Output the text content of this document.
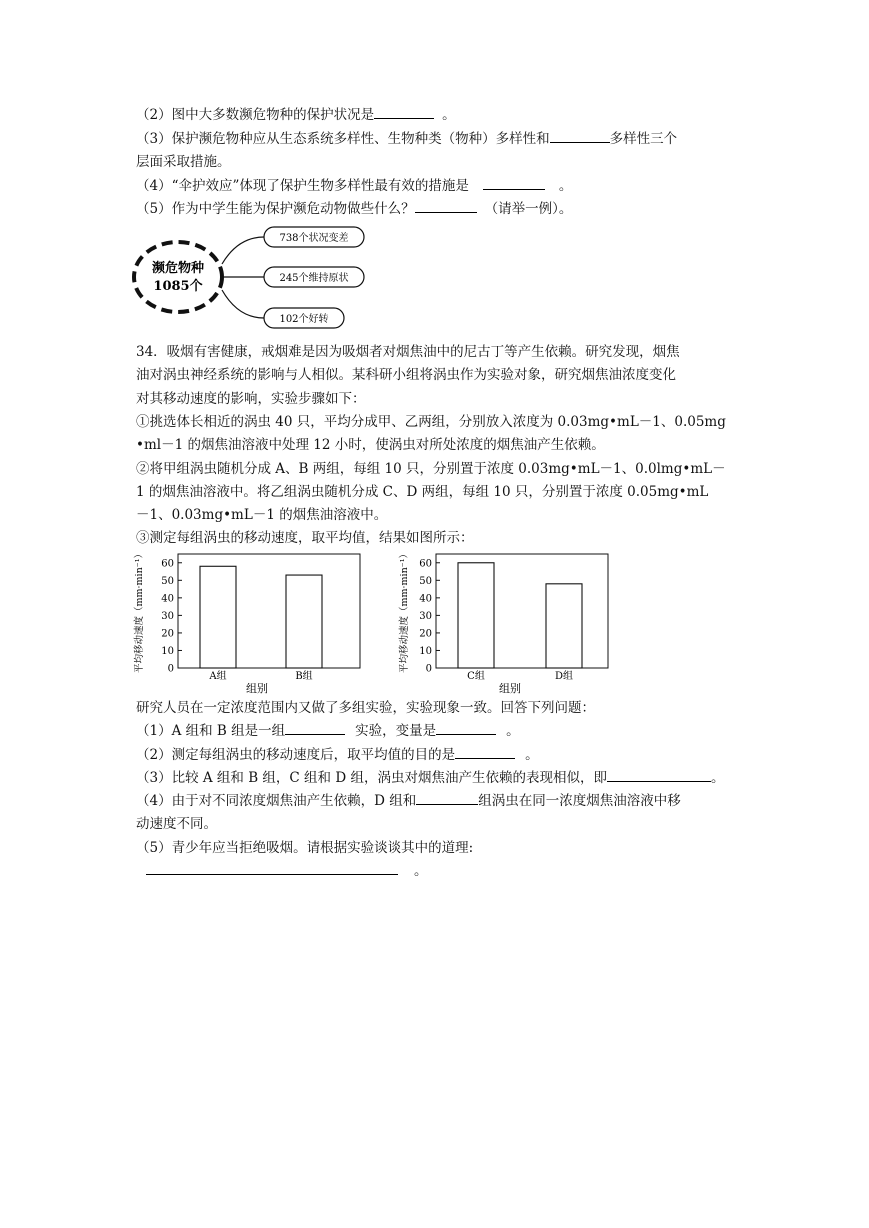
（2）图中大多数濒危物种的保护状况是	。
（3）保护濒危物种应从生态系统多样性、生物种类（物种）多样性和	多样性三个
层面采取措施。
（4）“伞护效应”体现了保护生物多样性最有效的措施是	。
（5）作为中学生能为保护濒危动物做些什么？	（请举一例）。
濒危物种
1085个
738个状况变差
245个维持原状
102个好转
34．吸烟有害健康，戒烟难是因为吸烟者对烟焦油中的尼古丁等产生依赖。研究发现，烟焦
油对涡虫神经系统的影响与人相似。某科研小组将涡虫作为实验对象，研究烟焦油浓度变化
对其移动速度的影响，实验步骤如下：
①挑选体长相近的涡虫 40 只，平均分成甲、乙两组，分别放入浓度为 0.03mg•mL－1、0.05mg
•ml－1 的烟焦油溶液中处理 12 小时，使涡虫对所处浓度的烟焦油产生依赖。
②将甲组涡虫随机分成 A、B 两组，每组 10 只，分别置于浓度 0.03mg•mL－1、0.0lmg•mL－
1 的烟焦油溶液中。将乙组涡虫随机分成 C、D 两组，每组 10 只，分别置于浓度 0.05mg•mL
－1、0.03mg•mL－1 的烟焦油溶液中。
③测定每组涡虫的移动速度，取平均值，结果如图所示：
0
10
20
30
40
50
60
A组	B组
组别
平均移动速度（mm·min⁻¹）	0
10
20
30
40
50
60
C组	D组
组别
平均移动速度（mm·min⁻¹）
研究人员在一定浓度范围内又做了多组实验，实验现象一致。回答下列问题：
（1）A 组和 B 组是一组	实验，变量是	。
（2）测定每组涡虫的移动速度后，取平均值的目的是	。
（3）比较 A 组和 B 组，C 组和 D 组，涡虫对烟焦油产生依赖的表现相似，即	。
（4）由于对不同浓度烟焦油产生依赖，D 组和	组涡虫在同一浓度烟焦油溶液中移
动速度不同。
（5）青少年应当拒绝吸烟。请根据实验谈谈其中的道理:
。
